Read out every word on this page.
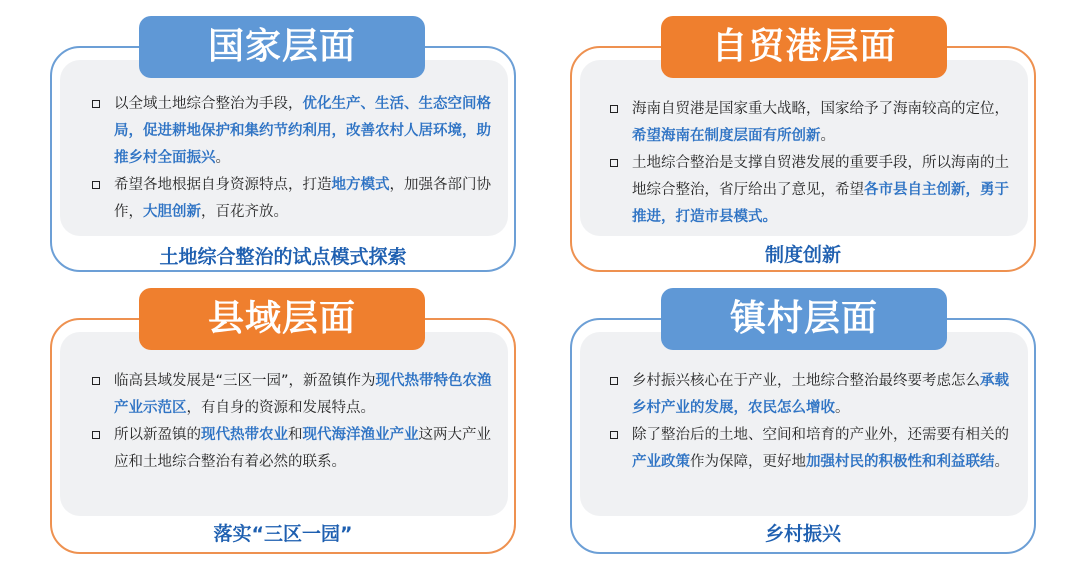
国家层面
以全域土地综合整治为手段，优化生产、生活、生态空间格局，促进耕地保护和集约节约利用，改善农村人居环境，助推乡村全面振兴。
希望各地根据自身资源特点，打造地方模式，加强各部门协作，大胆创新，百花齐放。
土地综合整治的试点模式探索
自贸港层面
海南自贸港是国家重大战略，国家给予了海南较高的定位，希望海南在制度层面有所创新。
土地综合整治是支撑自贸港发展的重要手段，所以海南的土地综合整治，省厅给出了意见，希望各市县自主创新，勇于推进，打造市县模式。
制度创新
县域层面
临高县域发展是“三区一园”，新盈镇作为现代热带特色农渔产业示范区，有自身的资源和发展特点。
所以新盈镇的现代热带农业和现代海洋渔业产业这两大产业应和土地综合整治有着必然的联系。
落实“三区一园”
镇村层面
乡村振兴核心在于产业，土地综合整治最终要考虑怎么承载乡村产业的发展，农民怎么增收。
除了整治后的土地、空间和培育的产业外，还需要有相关的产业政策作为保障，更好地加强村民的积极性和利益联结。
乡村振兴
